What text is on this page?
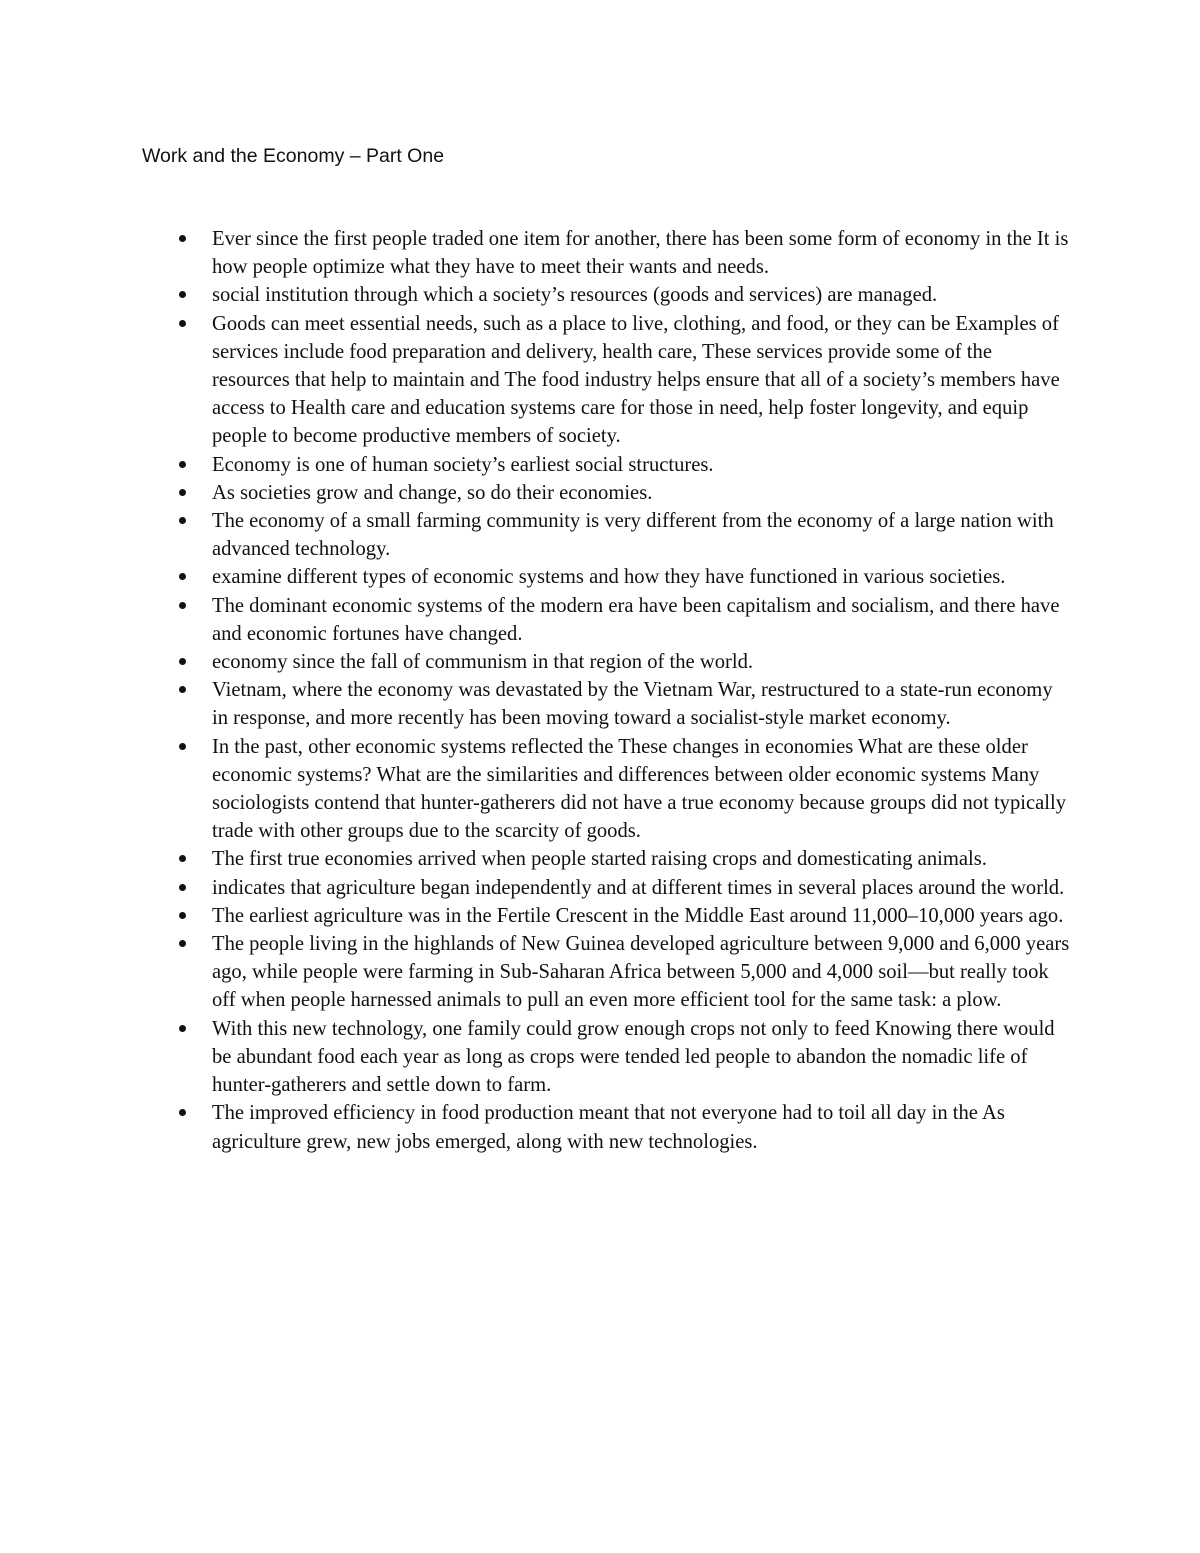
Work and the Economy – Part One
Ever since the first people traded one item for another, there has been some form of economy in the It is how people optimize what they have to meet their wants and needs.
social institution through which a society’s resources (goods and services) are managed.
Goods can meet essential needs, such as a place to live, clothing, and food, or they can be Examples of services include food preparation and delivery, health care, These services provide some of the resources that help to maintain and The food industry helps ensure that all of a society’s members have access to Health care and education systems care for those in need, help foster longevity, and equip people to become productive members of society.
Economy is one of human society’s earliest social structures.
As societies grow and change, so do their economies.
The economy of a small farming community is very different from the economy of a large nation with advanced technology.
examine different types of economic systems and how they have functioned in various societies.
The dominant economic systems of the modern era have been capitalism and socialism, and there have and economic fortunes have changed.
economy since the fall of communism in that region of the world.
Vietnam, where the economy was devastated by the Vietnam War, restructured to a state-run economy in response, and more recently has been moving toward a socialist-style market economy.
In the past, other economic systems reflected the These changes in economies What are these older economic systems? What are the similarities and differences between older economic systems Many sociologists contend that hunter-gatherers did not have a true economy because groups did not typically trade with other groups due to the scarcity of goods.
The first true economies arrived when people started raising crops and domesticating animals.
indicates that agriculture began independently and at different times in several places around the world.
The earliest agriculture was in the Fertile Crescent in the Middle East around 11,000–10,000 years ago.
The people living in the highlands of New Guinea developed agriculture between 9,000 and 6,000 years ago, while people were farming in Sub-Saharan Africa between 5,000 and 4,000 soil—but really took off when people harnessed animals to pull an even more efficient tool for the same task: a plow.
With this new technology, one family could grow enough crops not only to feed Knowing there would be abundant food each year as long as crops were tended led people to abandon the nomadic life of hunter-gatherers and settle down to farm.
The improved efficiency in food production meant that not everyone had to toil all day in the As agriculture grew, new jobs emerged, along with new technologies.
